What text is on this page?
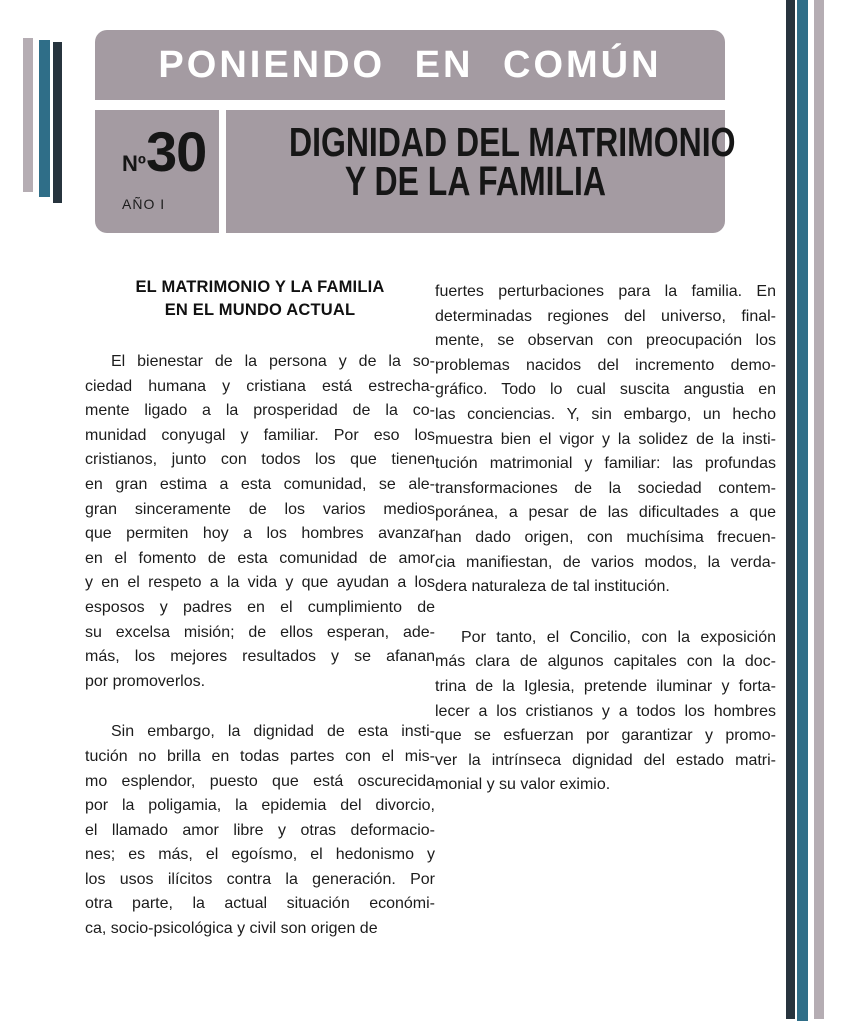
PONIENDO EN COMÚN
Nº 30
AÑO I
DIGNIDAD DEL MATRIMONIO
Y DE LA FAMILIA
EL MATRIMONIO Y LA FAMILIA
EN EL MUNDO ACTUAL
El bienestar de la persona y de la so-
ciedad humana y cristiana está estrecha-
mente ligado a la prosperidad de la co-
munidad conyugal y familiar. Por eso los
cristianos, junto con todos los que tienen
en gran estima a esta comunidad, se ale-
gran sinceramente de los varios medios
que permiten hoy a los hombres avanzar
en el fomento de esta comunidad de amor
y en el respeto a la vida y que ayudan a los
esposos y padres en el cumplimiento de
su excelsa misión; de ellos esperan, ade-
más, los mejores resultados y se afanan
por promoverlos.
Sin embargo, la dignidad de esta insti-
tución no brilla en todas partes con el mis-
mo esplendor, puesto que está oscurecida
por la poligamia, la epidemia del divorcio,
el llamado amor libre y otras deformacio-
nes; es más, el egoísmo, el hedonismo y
los usos ilícitos contra la generación. Por
otra parte, la actual situación económi-
ca, socio-psicológica y civil son origen de
fuertes perturbaciones para la familia. En
determinadas regiones del universo, final-
mente, se observan con preocupación los
problemas nacidos del incremento demo-
gráfico. Todo lo cual suscita angustia en
las conciencias. Y, sin embargo, un hecho
muestra bien el vigor y la solidez de la insti-
tución matrimonial y familiar: las profundas
transformaciones de la sociedad contem-
poránea, a pesar de las dificultades a que
han dado origen, con muchísima frecuen-
cia manifiestan, de varios modos, la verda-
dera naturaleza de tal institución.
Por tanto, el Concilio, con la exposición
más clara de algunos capitales con la doc-
trina de la Iglesia, pretende iluminar y forta-
lecer a los cristianos y a todos los hombres
que se esfuerzan por garantizar y promo-
ver la intrínseca dignidad del estado matri-
monial y su valor eximio.
